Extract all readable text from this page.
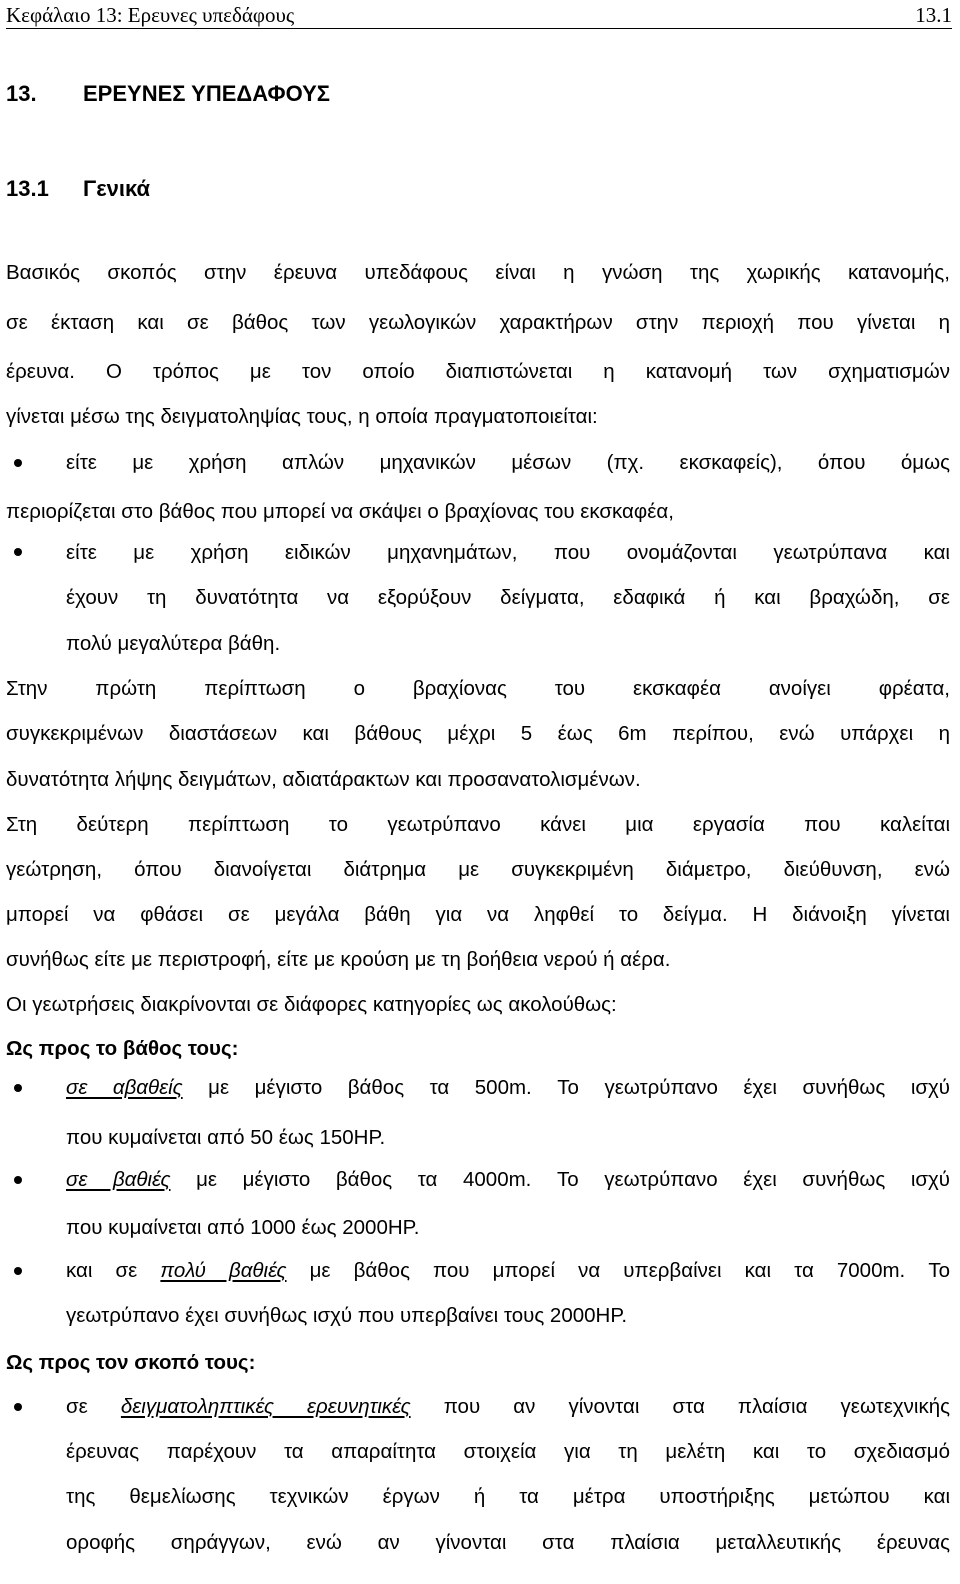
Κεφάλαιο 13: Ερευνες υπεδάφους	13.1
13. ΕΡΕΥΝΕΣ ΥΠΕΔΑΦΟΥΣ
13.1 Γενικά
Βασικός σκοπός στην έρευνα υπεδάφους είναι η γνώση της χωρικής κατανομής,
σε έκταση και σε βάθος των γεωλογικών χαρακτήρων στην περιοχή που γίνεται η
έρευνα. Ο τρόπος με τον οποίο διαπιστώνεται η κατανομή των σχηματισμών
γίνεται μέσω της δειγματοληψίας τους, η οποία πραγματοποιείται:
είτε με χρήση απλών μηχανικών μέσων (πχ. εκσκαφείς), όπου όμως
περιορίζεται στο βάθος που μπορεί να σκάψει ο βραχίονας του εκσκαφέα,
είτε με χρήση ειδικών μηχανημάτων, που ονομάζονται γεωτρύπανα και
έχουν τη δυνατότητα να εξορύξουν δείγματα, εδαφικά ή και βραχώδη, σε
πολύ μεγαλύτερα βάθη.
Στην πρώτη περίπτωση ο βραχίονας του εκσκαφέα ανοίγει φρέατα,
συγκεκριμένων διαστάσεων και βάθους μέχρι 5 έως 6m περίπου, ενώ υπάρχει η
δυνατότητα λήψης δειγμάτων, αδιατάρακτων και προσανατολισμένων.
Στη δεύτερη περίπτωση το γεωτρύπανο κάνει μια εργασία που καλείται
γεώτρηση, όπου διανοίγεται διάτρημα με συγκεκριμένη διάμετρο, διεύθυνση, ενώ
μπορεί να φθάσει σε μεγάλα βάθη για να ληφθεί το δείγμα. Η διάνοιξη γίνεται
συνήθως είτε με περιστροφή, είτε με κρούση με τη βοήθεια νερού ή αέρα.
Οι γεωτρήσεις διακρίνονται σε διάφορες κατηγορίες ως ακολούθως:
Ως προς το βάθος τους:
σε αβαθείς με μέγιστο βάθος τα 500m. Το γεωτρύπανο έχει συνήθως ισχύ
που κυμαίνεται από 50 έως 150HP.
σε βαθιές με μέγιστο βάθος τα 4000m. Το γεωτρύπανο έχει συνήθως ισχύ
που κυμαίνεται από 1000 έως 2000HP.
και σε πολύ βαθιές με βάθος που μπορεί να υπερβαίνει και τα 7000m. Το
γεωτρύπανο έχει συνήθως ισχύ που υπερβαίνει τους 2000HP.
Ως προς τον σκοπό τους:
σε δειγματοληπτικές ερευνητικές που αν γίνονται στα πλαίσια γεωτεχνικής
έρευνας παρέχουν τα απαραίτητα στοιχεία για τη μελέτη και το σχεδιασμό
της θεμελίωσης τεχνικών έργων ή τα μέτρα υποστήριξης μετώπου και
οροφής σηράγγων, ενώ αν γίνονται στα πλαίσια μεταλλευτικής έρευνας
